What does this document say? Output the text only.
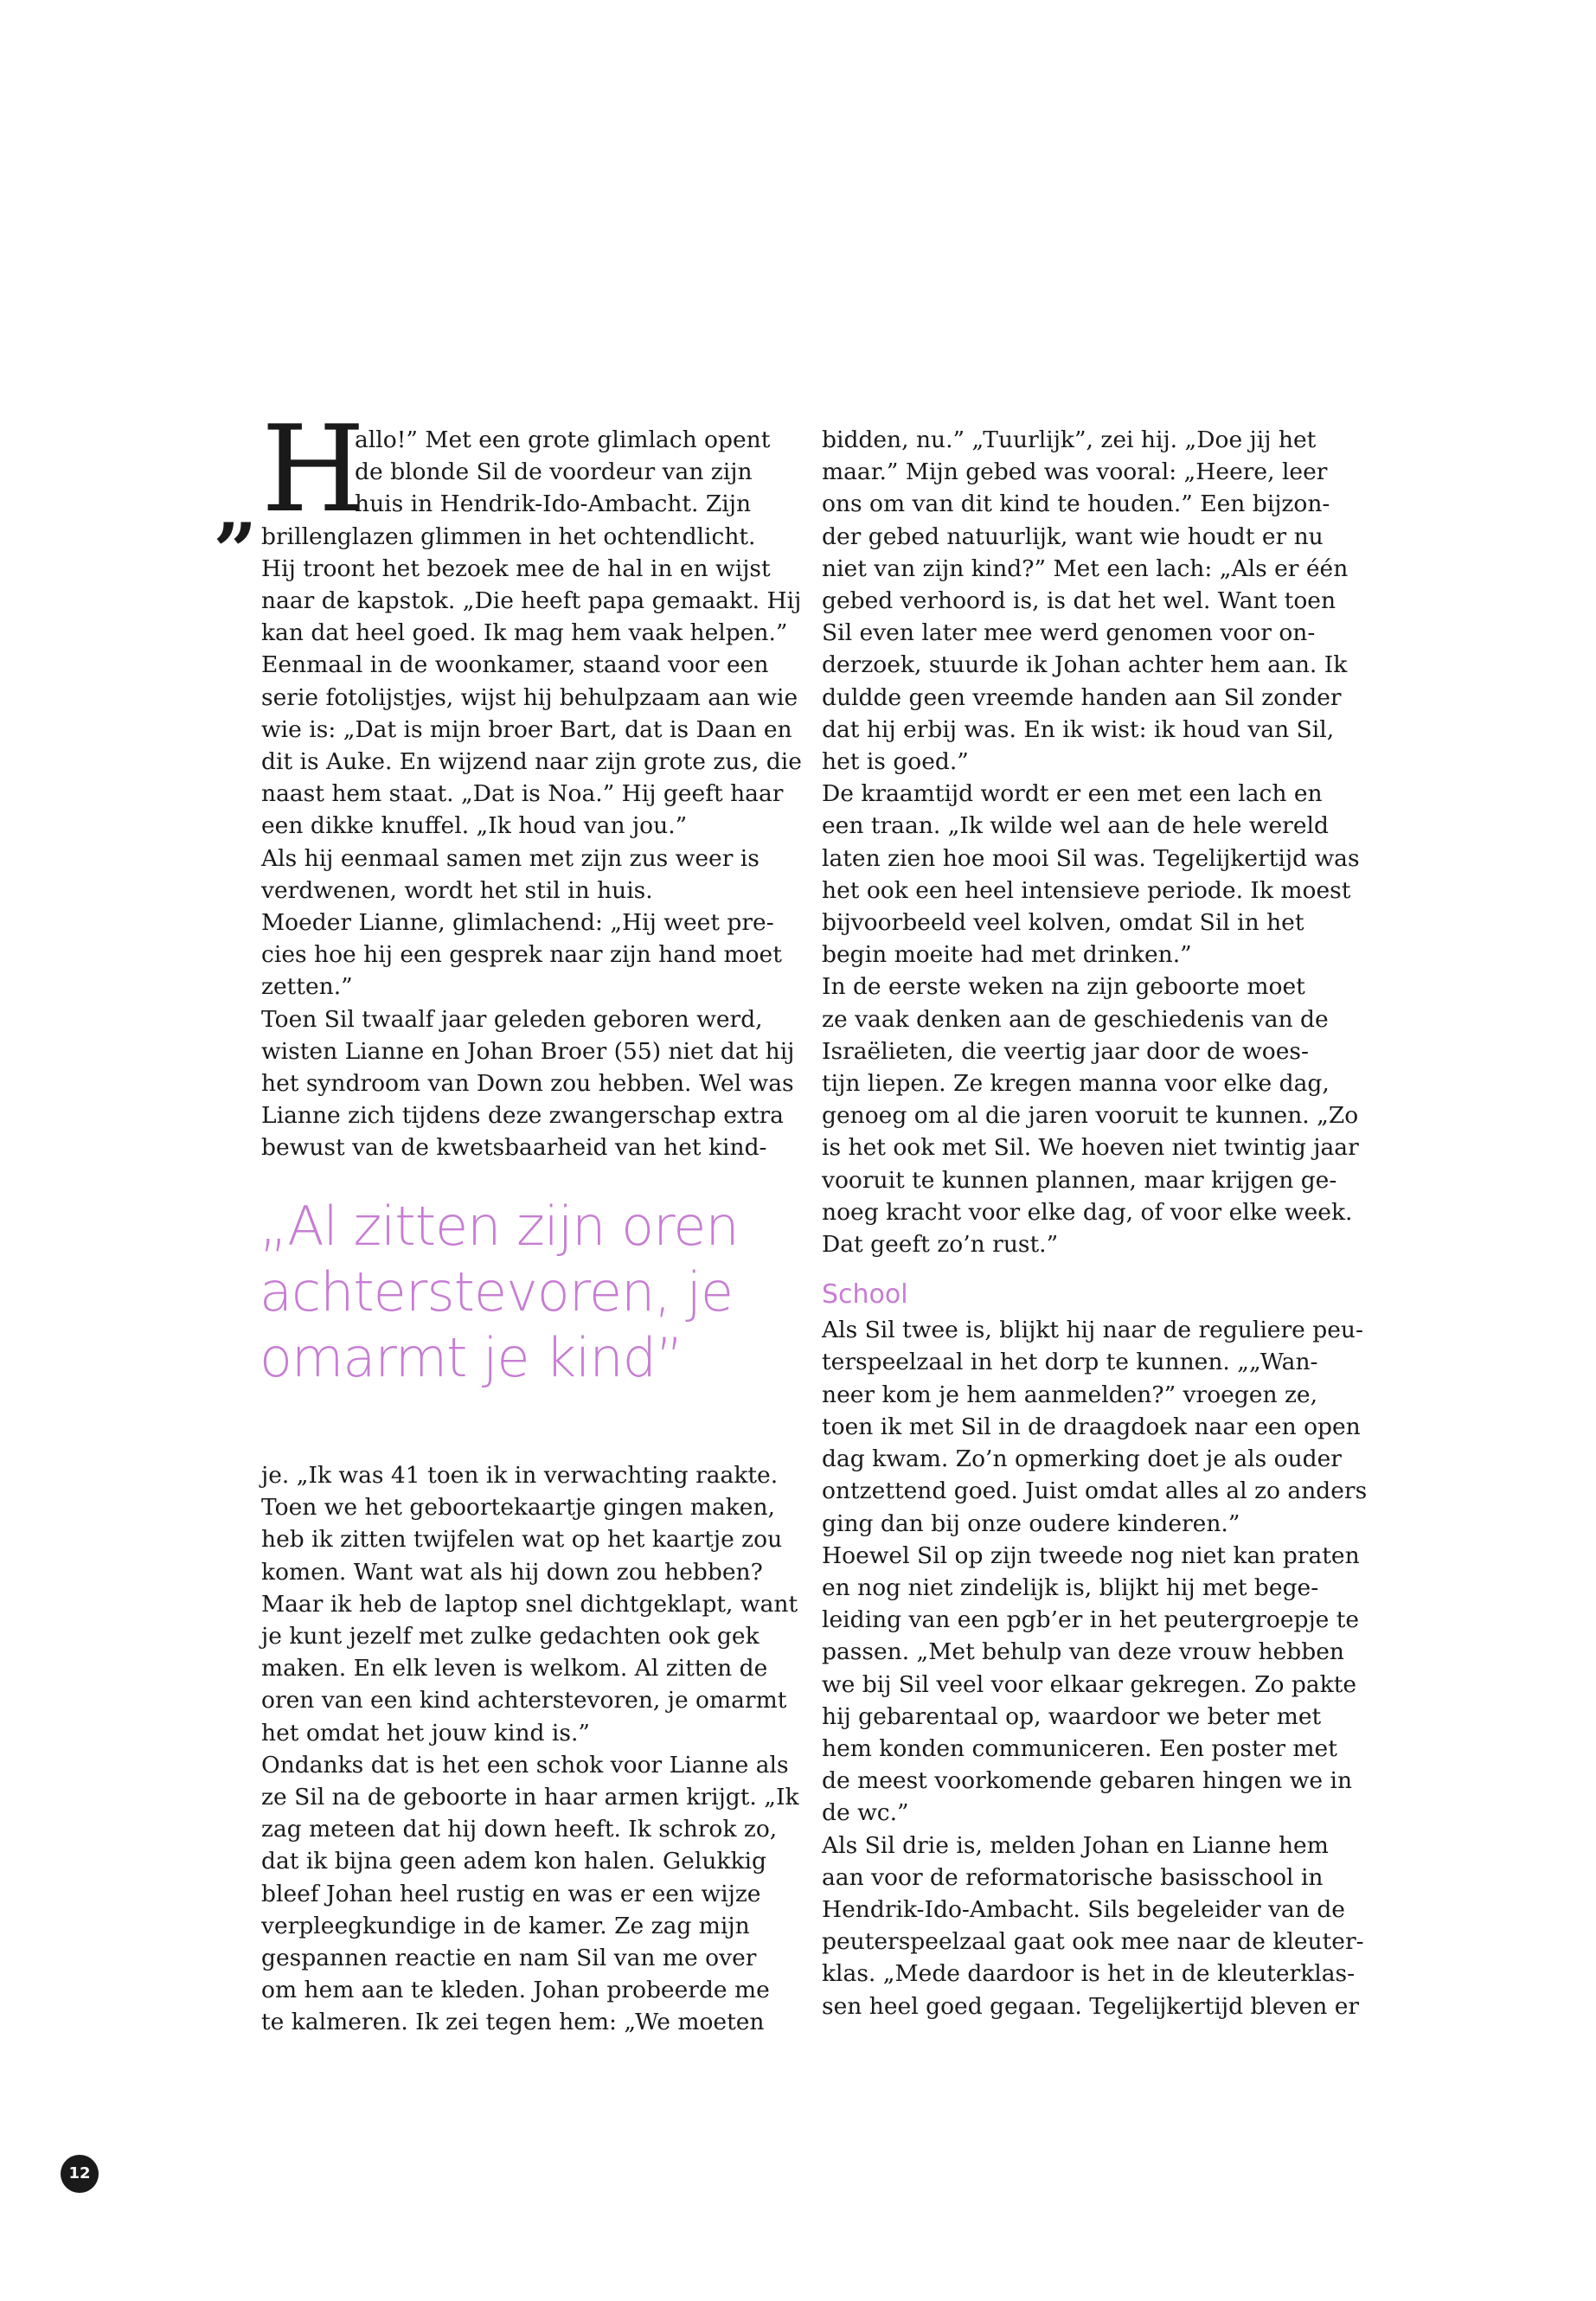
„ H
allo!” Met een grote glimlach opent
de blonde Sil de voordeur van zijn
huis in Hendrik-Ido-Ambacht. Zijn
brillenglazen glimmen in het ochtendlicht.
Hij troont het bezoek mee de hal in en wijst
naar de kapstok. „Die heeft papa gemaakt. Hij
kan dat heel goed. Ik mag hem vaak helpen.”
Eenmaal in de woonkamer, staand voor een
serie fotolijstjes, wijst hij behulpzaam aan wie
wie is: „Dat is mijn broer Bart, dat is Daan en
dit is Auke. En wijzend naar zijn grote zus, die
naast hem staat. „Dat is Noa.” Hij geeft haar
een dikke knuffel. „Ik houd van jou.”
Als hij eenmaal samen met zijn zus weer is
verdwenen, wordt het stil in huis.
Moeder Lianne, glimlachend: „Hij weet pre-
cies hoe hij een gesprek naar zijn hand moet
zetten.”
Toen Sil twaalf jaar geleden geboren werd,
wisten Lianne en Johan Broer (55) niet dat hij
het syndroom van Down zou hebben. Wel was
Lianne zich tijdens deze zwangerschap extra
bewust van de kwetsbaarheid van het kind-
„Al zitten zijn oren
achterstevoren, je
omarmt je kind”
je. „Ik was 41 toen ik in verwachting raakte.
Toen we het geboortekaartje gingen maken,
heb ik zitten twijfelen wat op het kaartje zou
komen. Want wat als hij down zou hebben?
Maar ik heb de laptop snel dichtgeklapt, want
je kunt jezelf met zulke gedachten ook gek
maken. En elk leven is welkom. Al zitten de
oren van een kind achterstevoren, je omarmt
het omdat het jouw kind is.”
Ondanks dat is het een schok voor Lianne als
ze Sil na de geboorte in haar armen krijgt. „Ik
zag meteen dat hij down heeft. Ik schrok zo,
dat ik bijna geen adem kon halen. Gelukkig
bleef Johan heel rustig en was er een wijze
verpleegkundige in de kamer. Ze zag mijn
gespannen reactie en nam Sil van me over
om hem aan te kleden. Johan probeerde me
te kalmeren. Ik zei tegen hem: „We moeten
bidden, nu.” „Tuurlijk”, zei hij. „Doe jij het
maar.” Mijn gebed was vooral: „Heere, leer
ons om van dit kind te houden.” Een bijzon-
der gebed natuurlijk, want wie houdt er nu
niet van zijn kind?” Met een lach: „Als er één
gebed verhoord is, is dat het wel. Want toen
Sil even later mee werd genomen voor on-
derzoek, stuurde ik Johan achter hem aan. Ik
duldde geen vreemde handen aan Sil zonder
dat hij erbij was. En ik wist: ik houd van Sil,
het is goed.”
De kraamtijd wordt er een met een lach en
een traan. „Ik wilde wel aan de hele wereld
laten zien hoe mooi Sil was. Tegelijkertijd was
het ook een heel intensieve periode. Ik moest
bijvoorbeeld veel kolven, omdat Sil in het
begin moeite had met drinken.”
In de eerste weken na zijn geboorte moet
ze vaak denken aan de geschiedenis van de
Israëlieten, die veertig jaar door de woes-
tijn liepen. Ze kregen manna voor elke dag,
genoeg om al die jaren vooruit te kunnen. „Zo
is het ook met Sil. We hoeven niet twintig jaar
vooruit te kunnen plannen, maar krijgen ge-
noeg kracht voor elke dag, of voor elke week.
Dat geeft zo’n rust.”
School
Als Sil twee is, blijkt hij naar de reguliere peu-
terspeelzaal in het dorp te kunnen. „„Wan-
neer kom je hem aanmelden?” vroegen ze,
toen ik met Sil in de draagdoek naar een open
dag kwam. Zo’n opmerking doet je als ouder
ontzettend goed. Juist omdat alles al zo anders
ging dan bij onze oudere kinderen.”
Hoewel Sil op zijn tweede nog niet kan praten
en nog niet zindelijk is, blijkt hij met bege-
leiding van een pgb’er in het peutergroepje te
passen. „Met behulp van deze vrouw hebben
we bij Sil veel voor elkaar gekregen. Zo pakte
hij gebarentaal op, waardoor we beter met
hem konden communiceren. Een poster met
de meest voorkomende gebaren hingen we in
de wc.”
Als Sil drie is, melden Johan en Lianne hem
aan voor de reformatorische basisschool in
Hendrik-Ido-Ambacht. Sils begeleider van de
peuterspeelzaal gaat ook mee naar de kleuter-
klas. „Mede daardoor is het in de kleuterklas-
sen heel goed gegaan. Tegelijkertijd bleven er
12
